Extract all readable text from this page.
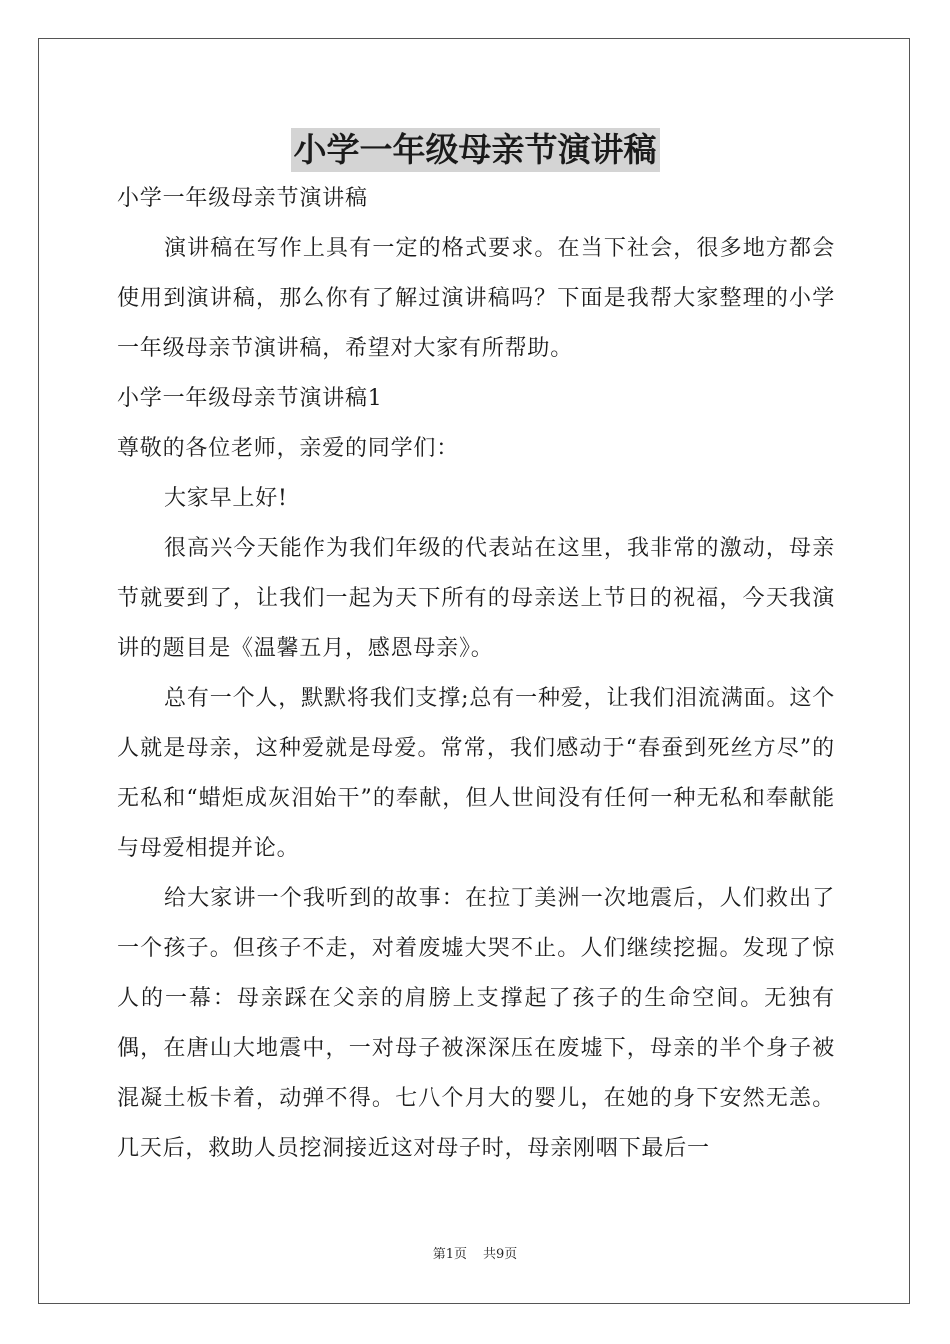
小学一年级母亲节演讲稿

小学一年级母亲节演讲稿

演讲稿在写作上具有一定的格式要求。在当下社会，很多地方都会使用到演讲稿，那么你有了解过演讲稿吗？下面是我帮大家整理的小学一年级母亲节演讲稿，希望对大家有所帮助。

小学一年级母亲节演讲稿1

尊敬的各位老师，亲爱的同学们：

大家早上好!

很高兴今天能作为我们年级的代表站在这里，我非常的激动，母亲节就要到了，让我们一起为天下所有的母亲送上节日的祝福，今天我演讲的题目是《温馨五月，感恩母亲》。

总有一个人，默默将我们支撑;总有一种爱，让我们泪流满面。这个人就是母亲，这种爱就是母爱。常常，我们感动于“春蚕到死丝方尽”的 无私和“蜡炬成灰泪始干”的奉献，但人世间没有任何一种无私和奉献能与母爱相提并论。

给大家讲一个我听到的故事：在拉丁美洲一次地震后，人们救出了一个孩子。但孩子不走，对着废墟大哭不止。人们继续挖掘。发现了惊人的一幕：母亲踩在父亲的肩膀上支撑起了孩子的生命空间。无独有偶，在唐山大地震中，一对母子被深深压在废墟下，母亲的半个身子被混凝土板卡着，动弹不得。七八个月大的婴儿，在她的身下安然无恙。几天后，救助人员挖洞接近这对母子时，母亲刚咽下最后一

第1页 共9页
